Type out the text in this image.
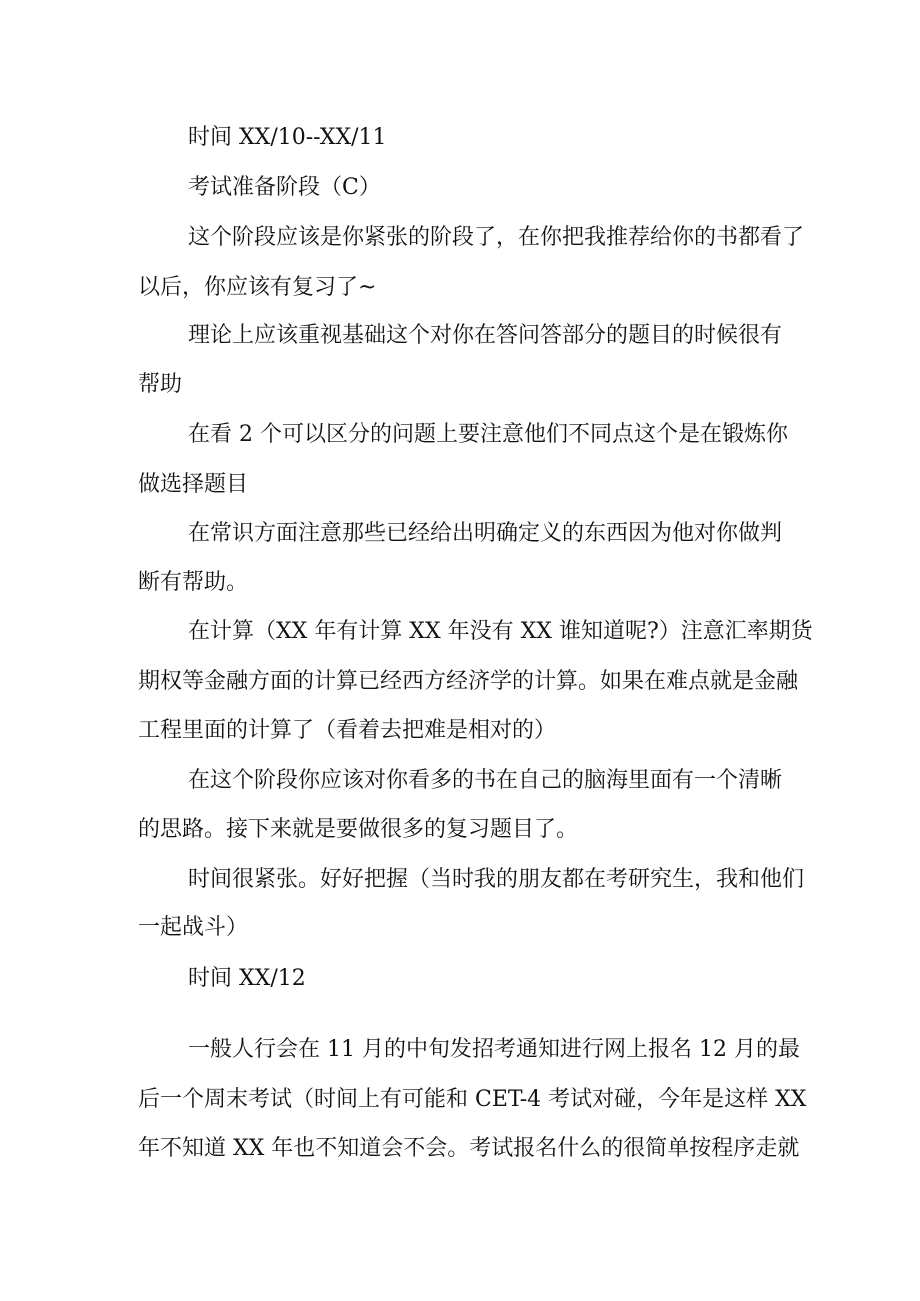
时间 XX/10--XX/11

考试准备阶段（C）

这个阶段应该是你紧张的阶段了，在你把我推荐给你的书都看了

以后，你应该有复习了~

理论上应该重视基础这个对你在答问答部分的题目的时候很有

帮助

在看 2 个可以区分的问题上要注意他们不同点这个是在锻炼你

做选择题目

在常识方面注意那些已经给出明确定义的东西因为他对你做判

断有帮助。

在计算（XX 年有计算 XX 年没有 XX 谁知道呢?）注意汇率期货

期权等金融方面的计算已经西方经济学的计算。如果在难点就是金融

工程里面的计算了（看着去把难是相对的）

在这个阶段你应该对你看多的书在自己的脑海里面有一个清晰

的思路。接下来就是要做很多的复习题目了。

时间很紧张。好好把握（当时我的朋友都在考研究生，我和他们

一起战斗）

时间 XX/12

一般人行会在 11 月的中旬发招考通知进行网上报名 12 月的最

后一个周末考试（时间上有可能和 CET-4 考试对碰，今年是这样 XX

年不知道 XX 年也不知道会不会。考试报名什么的很简单按程序走就
